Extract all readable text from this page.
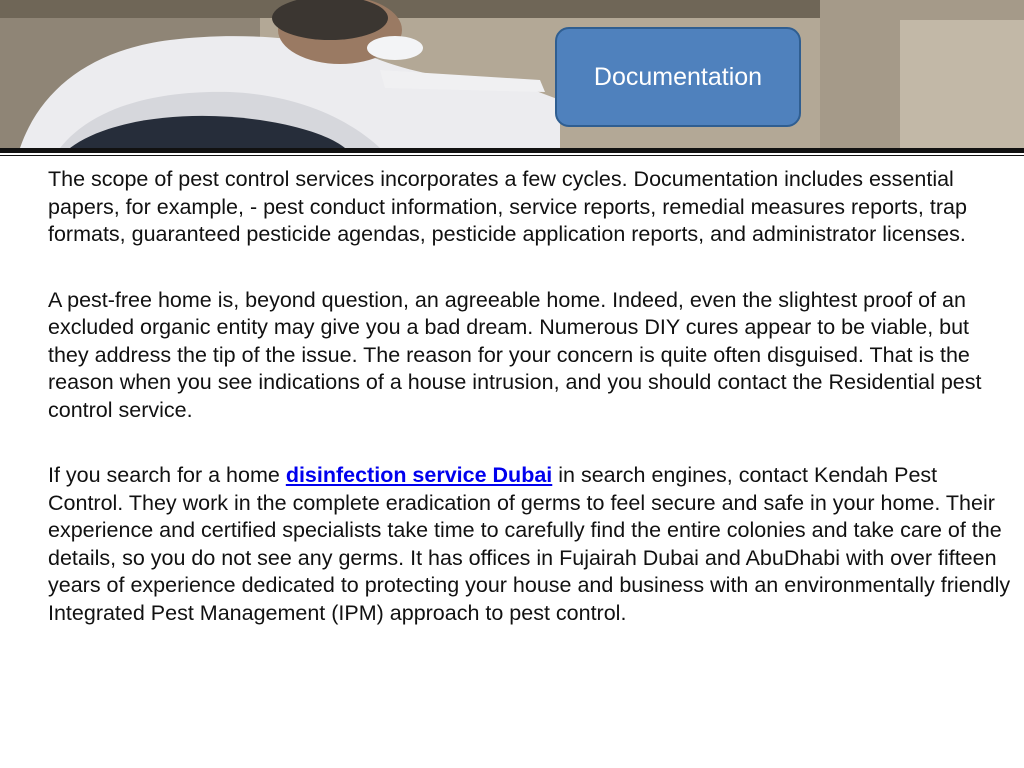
Documentation

The scope of pest control services incorporates a few cycles. Documentation includes essential papers, for example, - pest conduct information, service reports, remedial measures reports, trap formats, guaranteed pesticide agendas, pesticide application reports, and administrator licenses.

A pest-free home is, beyond question, an agreeable home. Indeed, even the slightest proof of an excluded organic entity may give you a bad dream. Numerous DIY cures appear to be viable, but they address the tip of the issue. The reason for your concern is quite often disguised. That is the reason when you see indications of a house intrusion, and you should contact the Residential pest control service.

If you search for a home disinfection service Dubai in search engines, contact Kendah Pest Control. They work in the complete eradication of germs to feel secure and safe in your home. Their experience and certified specialists take time to carefully find the entire colonies and take care of the details, so you do not see any germs. It has offices in Fujairah Dubai and AbuDhabi with over fifteen years of experience dedicated to protecting your house and business with an environmentally friendly Integrated Pest Management (IPM) approach to pest control.
